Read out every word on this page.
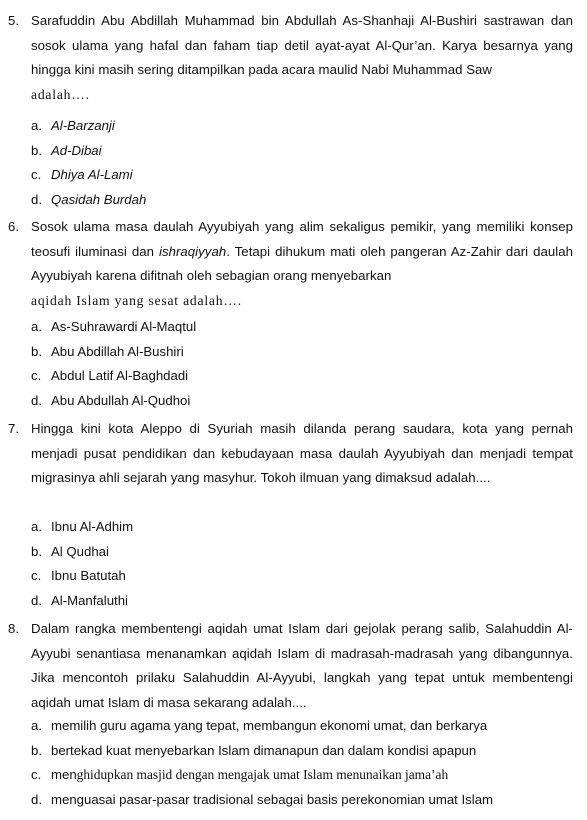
5. Sarafuddin Abu Abdillah Muhammad bin Abdullah As-Shanhaji Al-Bushiri sastrawan dan sosok ulama yang hafal dan faham tiap detil ayat-ayat Al-Qur’an. Karya besarnya yang hingga kini masih sering ditampilkan pada acara maulid Nabi Muhammad Saw
adalah….
a. Al-Barzanji
b. Ad-Dibai
c. Dhiya Al-Lami
d. Qasidah Burdah
6. Sosok ulama masa daulah Ayyubiyah yang alim sekaligus pemikir, yang memiliki konsep teosufi iluminasi dan ishraqiyyah. Tetapi dihukum mati oleh pangeran Az-Zahir dari daulah Ayyubiyah karena difitnah oleh sebagian orang menyebarkan
aqidah Islam yang sesat adalah….
a. As-Suhrawardi Al-Maqtul
b. Abu Abdillah Al-Bushiri
c. Abdul Latif Al-Baghdadi
d. Abu Abdullah Al-Qudhoi
7. Hingga kini kota Aleppo di Syuriah masih dilanda perang saudara, kota yang pernah menjadi pusat pendidikan dan kebudayaan masa daulah Ayyubiyah dan menjadi tempat migrasinya ahli sejarah yang masyhur. Tokoh ilmuan yang dimaksud adalah....
a. Ibnu Al-Adhim
b. Al Qudhai
c. Ibnu Batutah
d. Al-Manfaluthi
8. Dalam rangka membentengi aqidah umat Islam dari gejolak perang salib, Salahuddin Al-Ayyubi senantiasa menanamkan aqidah Islam di madrasah-madrasah yang dibangunnya. Jika mencontoh prilaku Salahuddin Al-Ayyubi, langkah yang tepat untuk membentengi aqidah umat Islam di masa sekarang adalah....
a. memilih guru agama yang tepat, membangun ekonomi umat, dan berkarya
b. bertekad kuat menyebarkan Islam dimanapun dan dalam kondisi apapun
c. menghidupkan masjid dengan mengajak umat Islam menunaikan jama’ah
d. menguasai pasar-pasar tradisional sebagai basis perekonomian umat Islam
